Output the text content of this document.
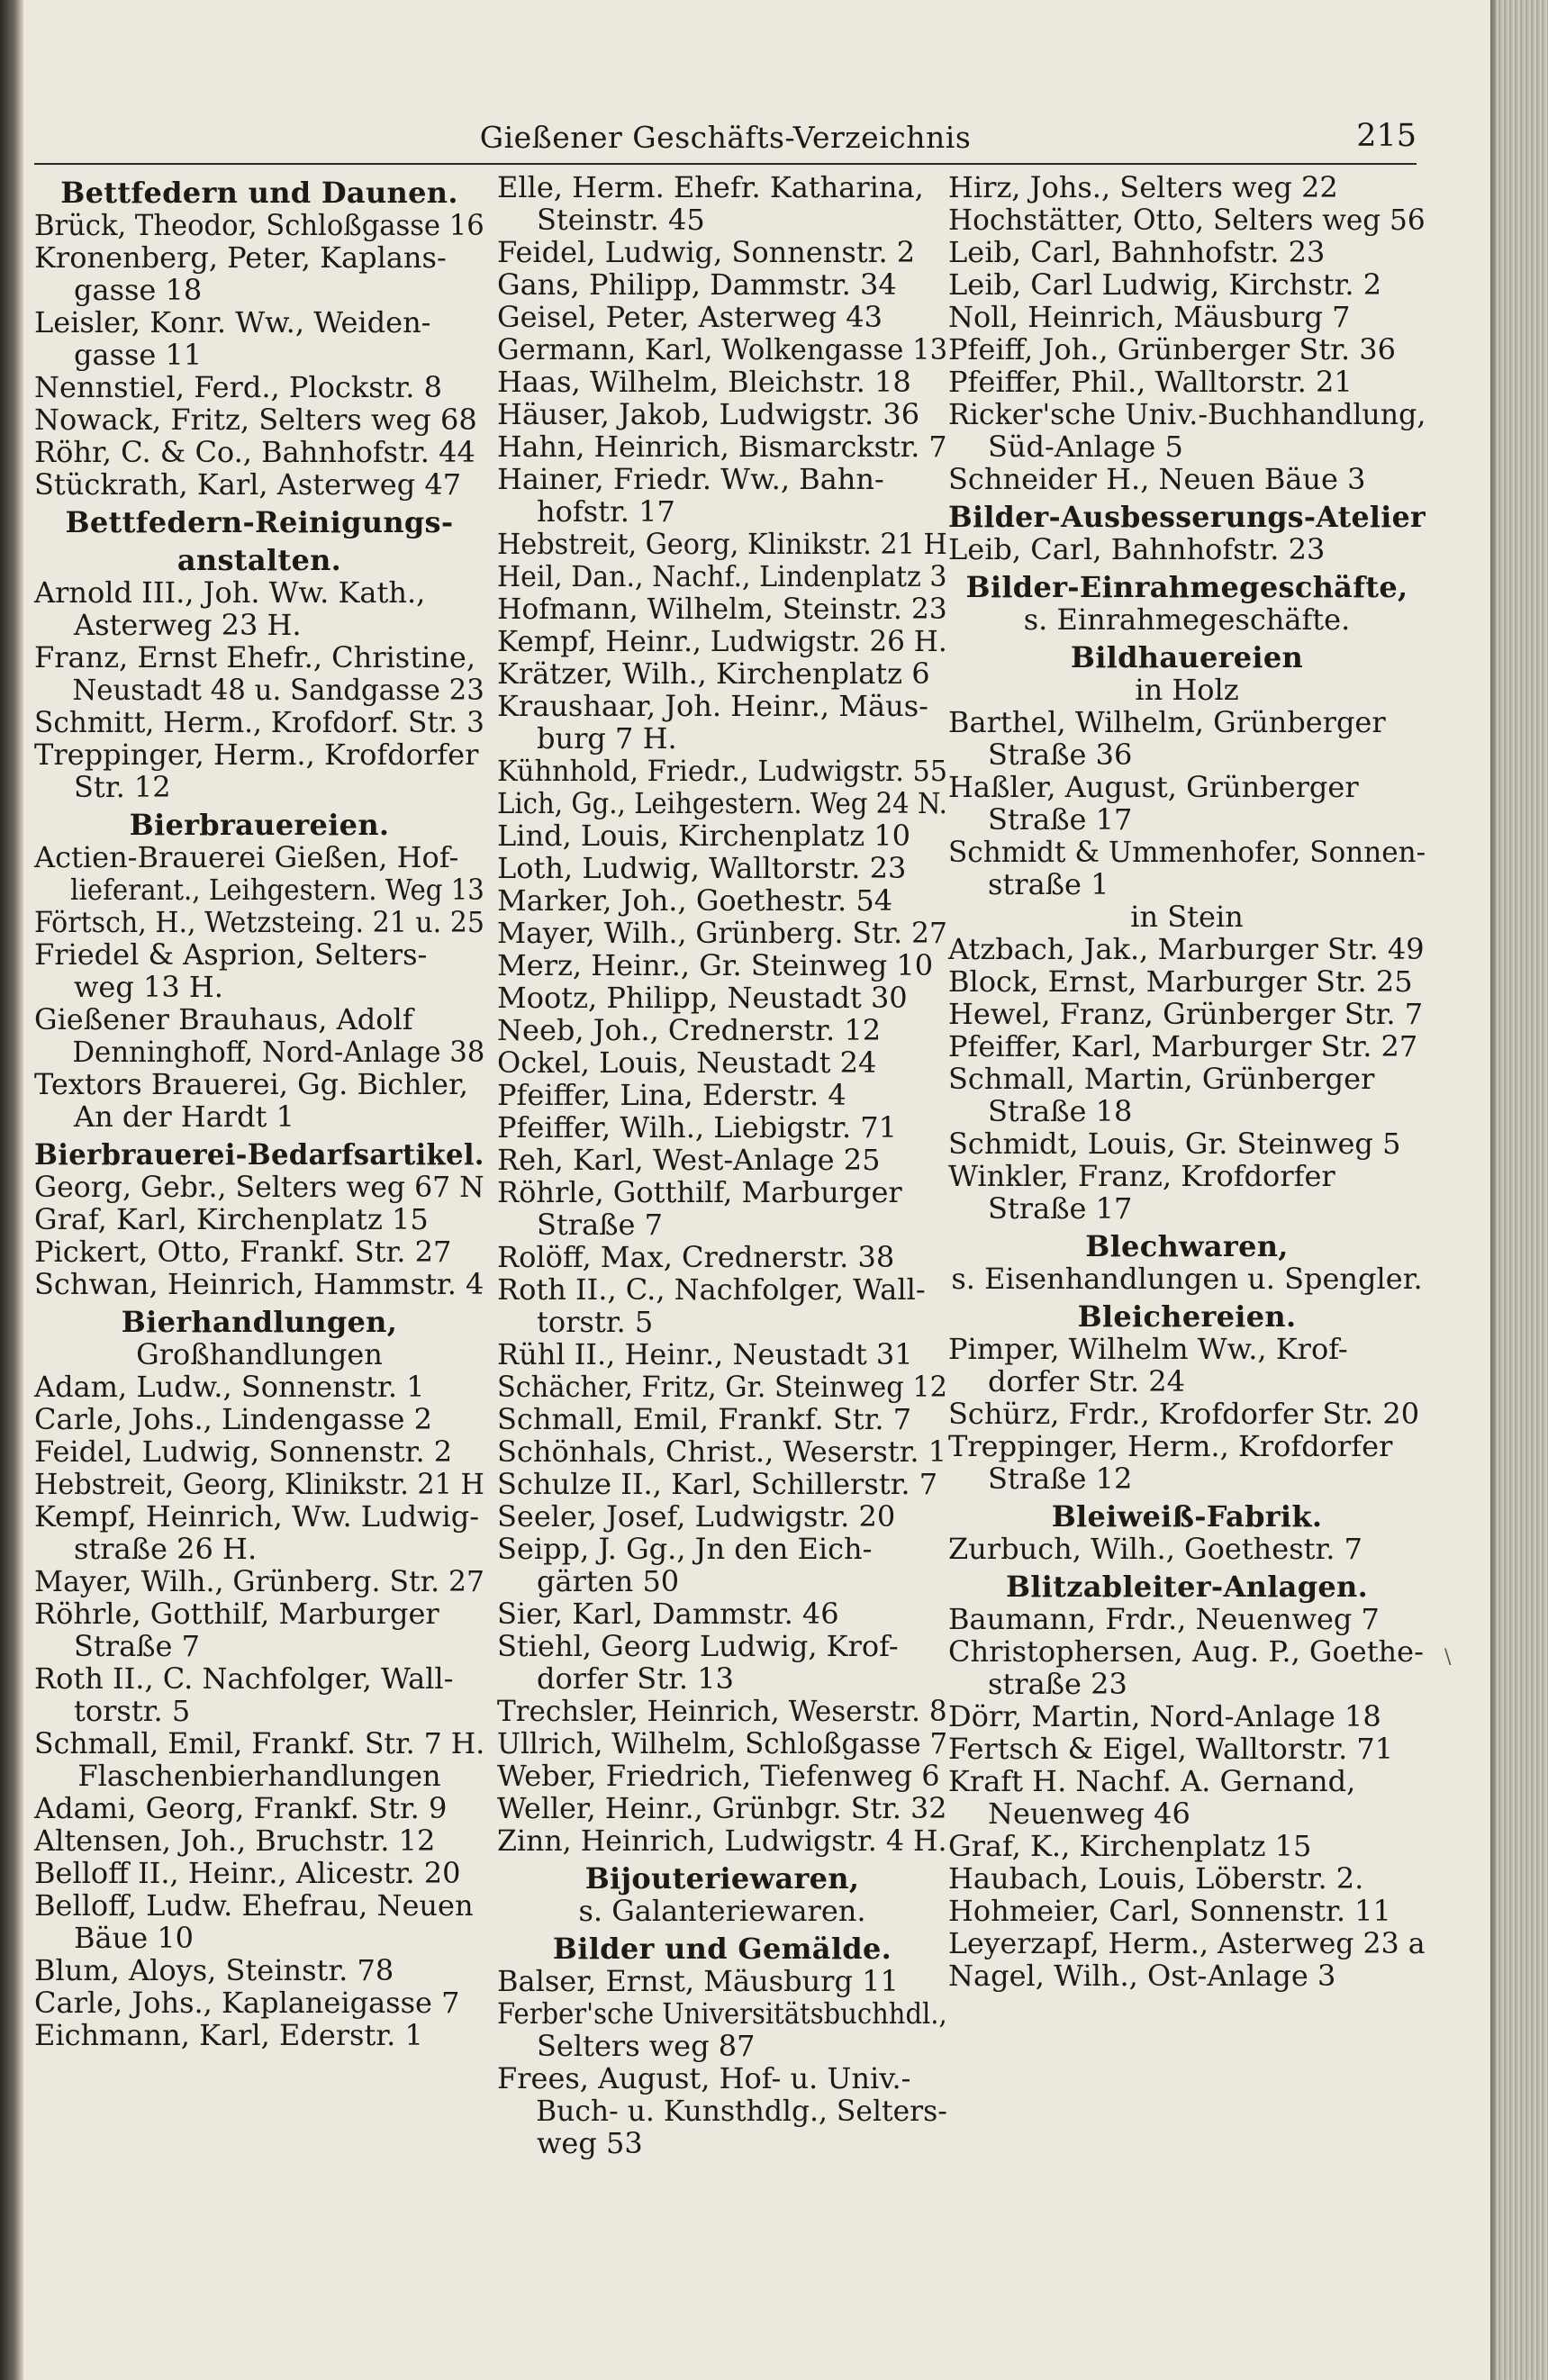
Gießener Geschäfts-Verzeichnis	215
Bettfedern und Daunen.
Brück, Theodor, Schloßgasse 16
Kronenberg, Peter, Kaplans-
gasse 18
Leisler, Konr. Ww., Weiden-
gasse 11
Nennstiel, Ferd., Plockstr. 8
Nowack, Fritz, Selters weg 68
Röhr, C. & Co., Bahnhofstr. 44
Stückrath, Karl, Asterweg 47
Bettfedern-Reinigungs-
anstalten.
Arnold III., Joh. Ww. Kath.,
Asterweg 23 H.
Franz, Ernst Ehefr., Christine,
Neustadt 48 u. Sandgasse 23
Schmitt, Herm., Krofdorf. Str. 3
Treppinger, Herm., Krofdorfer
Str. 12
Bierbrauereien.
Actien-Brauerei Gießen, Hof-
lieferant., Leihgestern. Weg 13
Förtsch, H., Wetzsteing. 21 u. 25
Friedel & Asprion, Selters-
weg 13 H.
Gießener Brauhaus, Adolf
Denninghoff, Nord-Anlage 38
Textors Brauerei, Gg. Bichler,
An der Hardt 1
Bierbrauerei-Bedarfsartikel.
Georg, Gebr., Selters weg 67 N
Graf, Karl, Kirchenplatz 15
Pickert, Otto, Frankf. Str. 27
Schwan, Heinrich, Hammstr. 4
Bierhandlungen,
Großhandlungen
Adam, Ludw., Sonnenstr. 1
Carle, Johs., Lindengasse 2
Feidel, Ludwig, Sonnenstr. 2
Hebstreit, Georg, Klinikstr. 21 H
Kempf, Heinrich, Ww. Ludwig-
straße 26 H.
Mayer, Wilh., Grünberg. Str. 27
Röhrle, Gotthilf, Marburger
Straße 7
Roth II., C. Nachfolger, Wall-
torstr. 5
Schmall, Emil, Frankf. Str. 7 H.
Flaschenbierhandlungen
Adami, Georg, Frankf. Str. 9
Altensen, Joh., Bruchstr. 12
Belloff II., Heinr., Alicestr. 20
Belloff, Ludw. Ehefrau, Neuen
Bäue 10
Blum, Aloys, Steinstr. 78
Carle, Johs., Kaplaneigasse 7
Eichmann, Karl, Ederstr. 1
Elle, Herm. Ehefr. Katharina,
Steinstr. 45
Feidel, Ludwig, Sonnenstr. 2
Gans, Philipp, Dammstr. 34
Geisel, Peter, Asterweg 43
Germann, Karl, Wolkengasse 13
Haas, Wilhelm, Bleichstr. 18
Häuser, Jakob, Ludwigstr. 36
Hahn, Heinrich, Bismarckstr. 7
Hainer, Friedr. Ww., Bahn-
hofstr. 17
Hebstreit, Georg, Klinikstr. 21 H
Heil, Dan., Nachf., Lindenplatz 3
Hofmann, Wilhelm, Steinstr. 23
Kempf, Heinr., Ludwigstr. 26 H.
Krätzer, Wilh., Kirchenplatz 6
Kraushaar, Joh. Heinr., Mäus-
burg 7 H.
Kühnhold, Friedr., Ludwigstr. 55
Lich, Gg., Leihgestern. Weg 24 N.
Lind, Louis, Kirchenplatz 10
Loth, Ludwig, Walltorstr. 23
Marker, Joh., Goethestr. 54
Mayer, Wilh., Grünberg. Str. 27
Merz, Heinr., Gr. Steinweg 10
Mootz, Philipp, Neustadt 30
Neeb, Joh., Crednerstr. 12
Ockel, Louis, Neustadt 24
Pfeiffer, Lina, Ederstr. 4
Pfeiffer, Wilh., Liebigstr. 71
Reh, Karl, West-Anlage 25
Röhrle, Gotthilf, Marburger
Straße 7
Rolöff, Max, Crednerstr. 38
Roth II., C., Nachfolger, Wall-
torstr. 5
Rühl II., Heinr., Neustadt 31
Schächer, Fritz, Gr. Steinweg 12
Schmall, Emil, Frankf. Str. 7
Schönhals, Christ., Weserstr. 1
Schulze II., Karl, Schillerstr. 7
Seeler, Josef, Ludwigstr. 20
Seipp, J. Gg., Jn den Eich-
gärten 50
Sier, Karl, Dammstr. 46
Stiehl, Georg Ludwig, Krof-
dorfer Str. 13
Trechsler, Heinrich, Weserstr. 8
Ullrich, Wilhelm, Schloßgasse 7
Weber, Friedrich, Tiefenweg 6
Weller, Heinr., Grünbgr. Str. 32
Zinn, Heinrich, Ludwigstr. 4 H.
Bijouteriewaren,
s. Galanteriewaren.
Bilder und Gemälde.
Balser, Ernst, Mäusburg 11
Ferber'sche Universitätsbuchhdl.,
Selters weg 87
Frees, August, Hof- u. Univ.-
Buch- u. Kunsthdlg., Selters-
weg 53
Hirz, Johs., Selters weg 22
Hochstätter, Otto, Selters weg 56
Leib, Carl, Bahnhofstr. 23
Leib, Carl Ludwig, Kirchstr. 2
Noll, Heinrich, Mäusburg 7
Pfeiff, Joh., Grünberger Str. 36
Pfeiffer, Phil., Walltorstr. 21
Ricker'sche Univ.-Buchhandlung,
Süd-Anlage 5
Schneider H., Neuen Bäue 3
Bilder-Ausbesserungs-Atelier
Leib, Carl, Bahnhofstr. 23
Bilder-Einrahmegeschäfte,
s. Einrahmegeschäfte.
Bildhauereien
in Holz
Barthel, Wilhelm, Grünberger
Straße 36
Haßler, August, Grünberger
Straße 17
Schmidt & Ummenhofer, Sonnen-
straße 1
in Stein
Atzbach, Jak., Marburger Str. 49
Block, Ernst, Marburger Str. 25
Hewel, Franz, Grünberger Str. 7
Pfeiffer, Karl, Marburger Str. 27
Schmall, Martin, Grünberger
Straße 18
Schmidt, Louis, Gr. Steinweg 5
Winkler, Franz, Krofdorfer
Straße 17
Blechwaren,
s. Eisenhandlungen u. Spengler.
Bleichereien.
Pimper, Wilhelm Ww., Krof-
dorfer Str. 24
Schürz, Frdr., Krofdorfer Str. 20
Treppinger, Herm., Krofdorfer
Straße 12
Bleiweiß-Fabrik.
Zurbuch, Wilh., Goethestr. 7
Blitzableiter-Anlagen.
Baumann, Frdr., Neuenweg 7
Christophersen, Aug. P., Goethe-
straße 23
Dörr, Martin, Nord-Anlage 18
Fertsch & Eigel, Walltorstr. 71
Kraft H. Nachf. A. Gernand,
Neuenweg 46
Graf, K., Kirchenplatz 15
Haubach, Louis, Löberstr. 2.
Hohmeier, Carl, Sonnenstr. 11
Leyerzapf, Herm., Asterweg 23 a
Nagel, Wilh., Ost-Anlage 3
\
